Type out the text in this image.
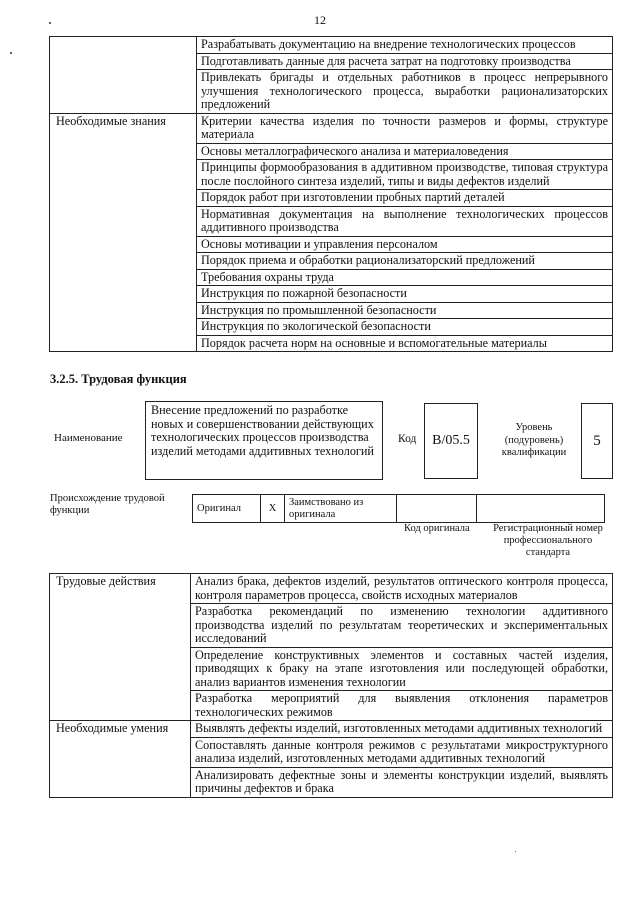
12
	Разрабатывать документацию на внедрение технологических процессов
	Подготавливать данные для расчета затрат на подготовку производства
	Привлекать бригады и отдельных работников в процесс непрерывного улучшения технологического процесса, выработки рационализаторских предложений
Необходимые знания	Критерии качества изделия по точности размеров и формы, структуре материала
	Основы металлографического анализа и материаловедения
	Принципы формообразования в аддитивном производстве, типовая структура после послойного синтеза изделий, типы и виды дефектов изделий
	Порядок работ при изготовлении пробных партий деталей
	Нормативная документация на выполнение технологических процессов аддитивного производства
	Основы мотивации и управления персоналом
	Порядок приема и обработки рационализаторский предложений
	Требования охраны труда
	Инструкция по пожарной безопасности
	Инструкция по промышленной безопасности
	Инструкция по экологической безопасности
	Порядок расчета норм на основные и вспомогательные материалы
3.2.5. Трудовая функция
Наименование
Внесение предложений по разработке новых и совершенствовании действующих технологических процессов производства изделий методами аддитивных технологий
Код	B/05.5
Уровень (подуровень) квалификации
5
Происхождение трудовой функции	Оригинал	X	Заимствовано из оригинала		
Код оригинала	Регистрационный номер профессионального стандарта
Трудовые действия	Анализ брака, дефектов изделий, результатов оптического контроля процесса, контроля параметров процесса, свойств исходных материалов
	Разработка рекомендаций по изменению технологии аддитивного производства изделий по результатам теоретических и экспериментальных исследований
	Определение конструктивных элементов и составных частей изделия, приводящих к браку на этапе изготовления или последующей обработки, анализ вариантов изменения технологии
	Разработка мероприятий для выявления отклонения параметров технологических режимов
Необходимые умения	Выявлять дефекты изделий, изготовленных методами аддитивных технологий
	Сопоставлять данные контроля режимов с результатами микроструктурного анализа изделий, изготовленных методами аддитивных технологий
	Анализировать дефектные зоны и элементы конструкции изделий, выявлять причины дефектов и брака
